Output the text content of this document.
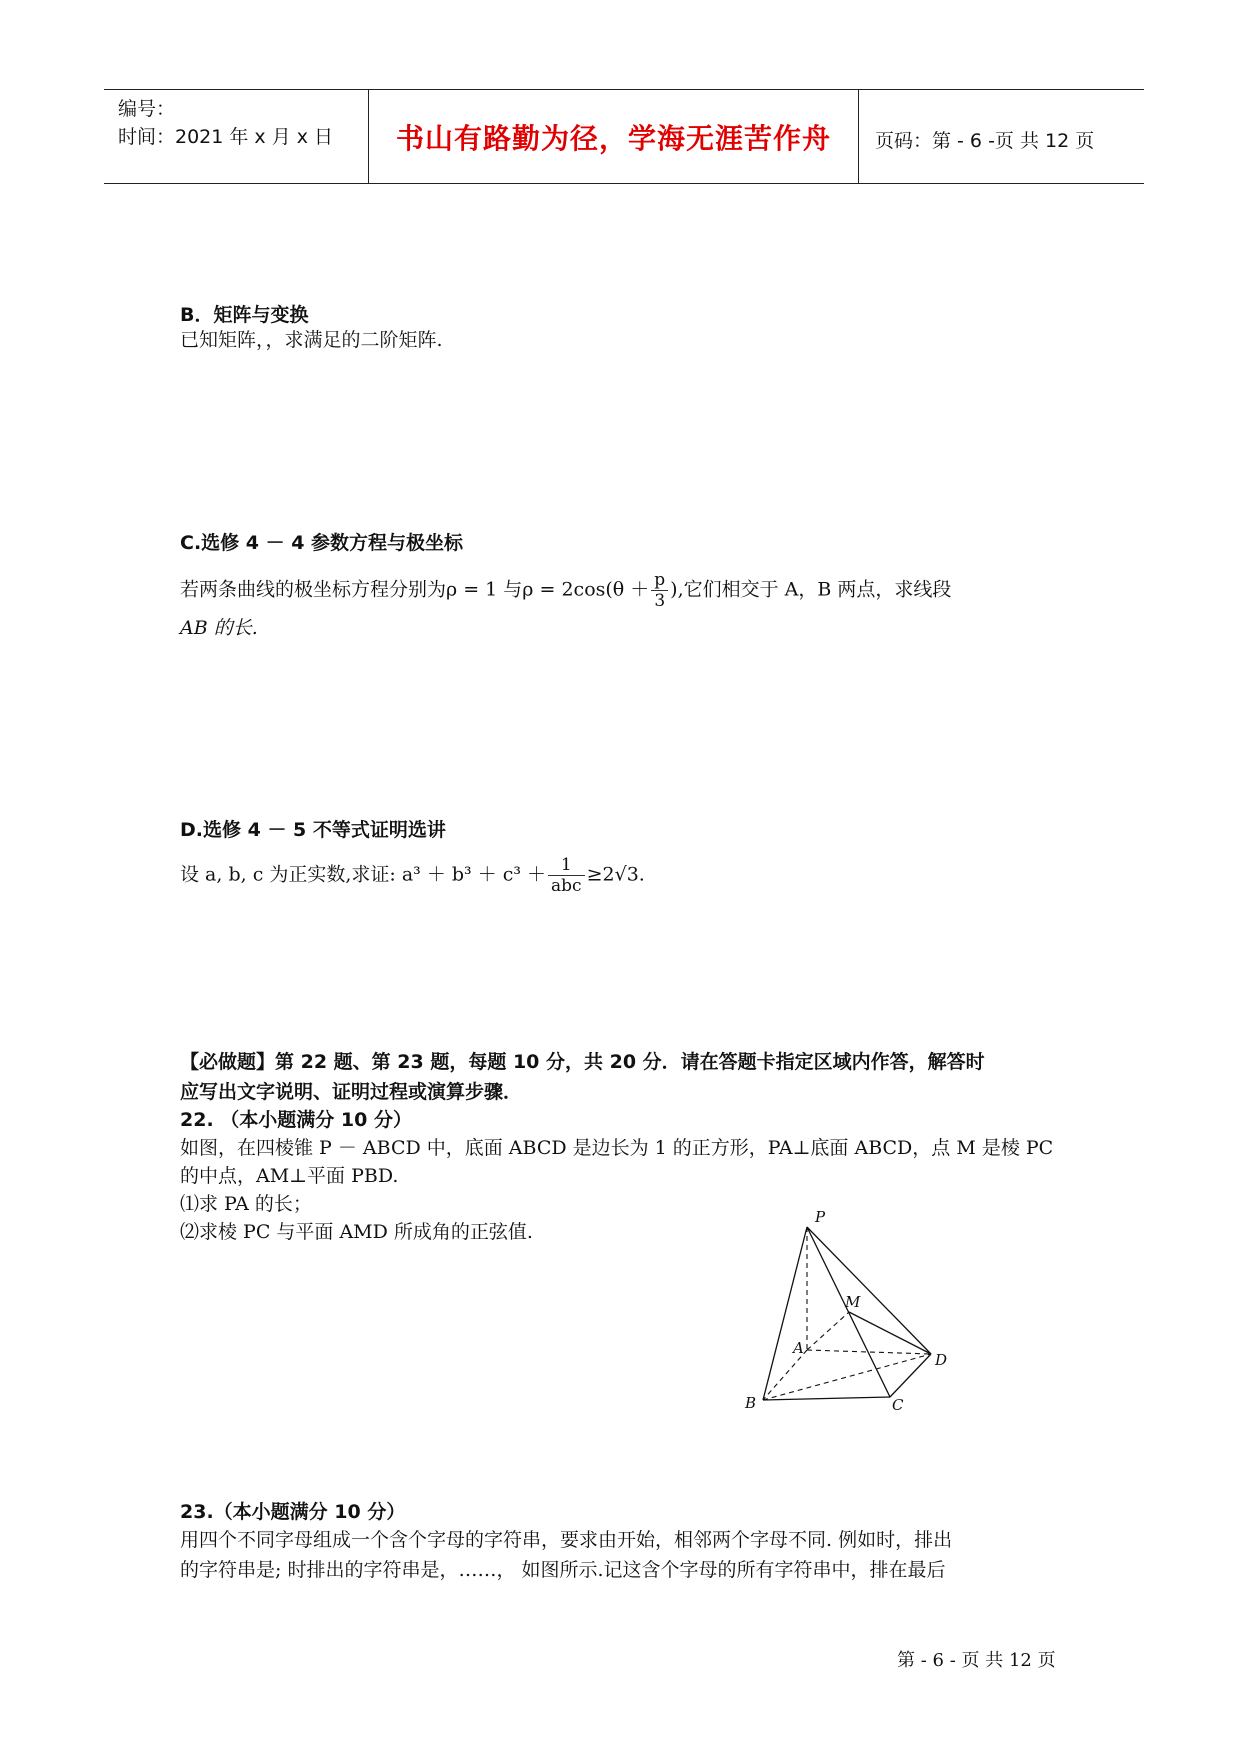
编号：
时间：2021 年 x 月 x 日	书山有路勤为径，学海无涯苦作舟	页码：第 - 6 -页 共 12 页
B．矩阵与变换
已知矩阵，，求满足的二阶矩阵.
C.选修 4 － 4 参数方程与极坐标
若两条曲线的极坐标方程分别为ρ = 1 与$\rho = 2\cos(\theta + \frac{p}{3}$ ),它们相交于 A，B 两点，求线段
AB 的长.
D.选修 4 － 5 不等式证明选讲
设 a, b, c 为正实数,求证: $a^3 + b^3 + c^3 + \frac{1}{\text{abc}} \ge 2√3$.
【必做题】第 22 题、第 23 题，每题 10 分，共 20 分．请在答题卡指定区域内作答，解答时
应写出文字说明、证明过程或演算步骤．
22. （本小题满分 10 分）
如图，在四棱锥 P － ABCD 中，底面 ABCD 是边长为 1 的正方形，PA⊥底面 ABCD，点 M 是棱 PC
的中点，AM⊥平面 PBD.
⑴求 PA 的长；
⑵求棱 PC 与平面 AMD 所成角的正弦值.
P
M
A
B	C
D
23.（本小题满分 10 分）
用四个不同字母组成一个含个字母的字符串，要求由开始，相邻两个字母不同. 例如时，排出
的字符串是; 时排出的字符串是，……， 如图所示.记这含个字母的所有字符串中，排在最后
第 - 6 - 页 共 12 页
